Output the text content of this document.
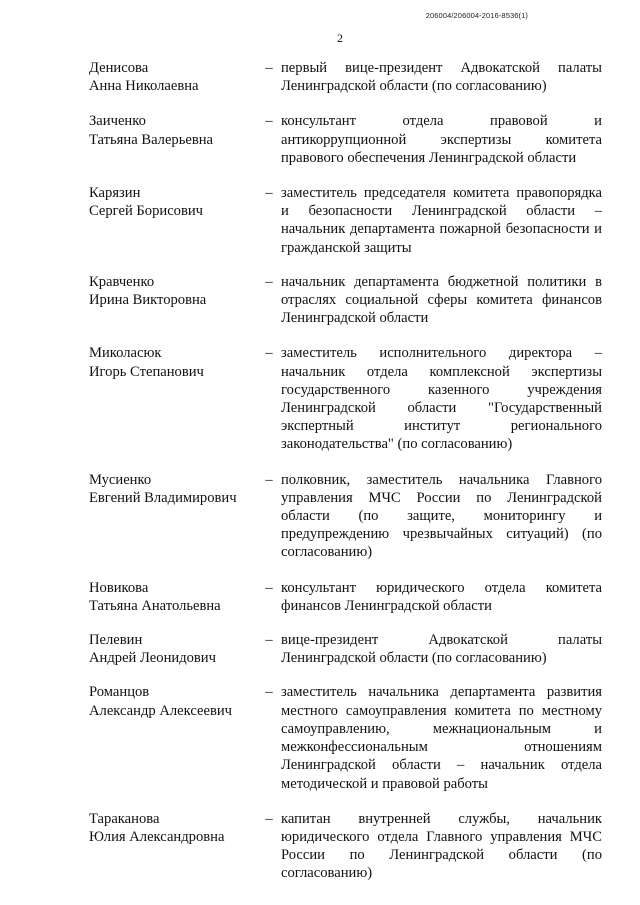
206004/206004-2016-8536(1)
2
Денисова
Анна Николаевна
– первый вице-президент Адвокатской палаты Ленинградской области (по согласованию)
Заиченко
Татьяна Валерьевна
– консультант отдела правовой и антикоррупционной экспертизы комитета правового обеспечения Ленинградской области
Карязин
Сергей Борисович
– заместитель председателя комитета правопорядка и безопасности Ленинградской области – начальник департамента пожарной безопасности и гражданской защиты
Кравченко
Ирина Викторовна
– начальник департамента бюджетной политики в отраслях социальной сферы комитета финансов Ленинградской области
Миколасюк
Игорь Степанович
– заместитель исполнительного директора – начальник отдела комплексной экспертизы государственного казенного учреждения Ленинградской области "Государственный экспертный институт регионального законодательства" (по согласованию)
Мусиенко
Евгений Владимирович
– полковник, заместитель начальника Главного управления МЧС России по Ленинградской области (по защите, мониторингу и предупреждению чрезвычайных ситуаций) (по согласованию)
Новикова
Татьяна Анатольевна
– консультант юридического отдела комитета финансов Ленинградской области
Пелевин
Андрей Леонидович
– вице-президент Адвокатской палаты Ленинградской области (по согласованию)
Романцов
Александр Алексеевич
– заместитель начальника департамента развития местного самоуправления комитета по местному самоуправлению, межнациональным и межконфессиональным отношениям Ленинградской области – начальник отдела методической и правовой работы
Тараканова
Юлия Александровна
– капитан внутренней службы, начальник юридического отдела Главного управления МЧС России по Ленинградской области (по согласованию)
